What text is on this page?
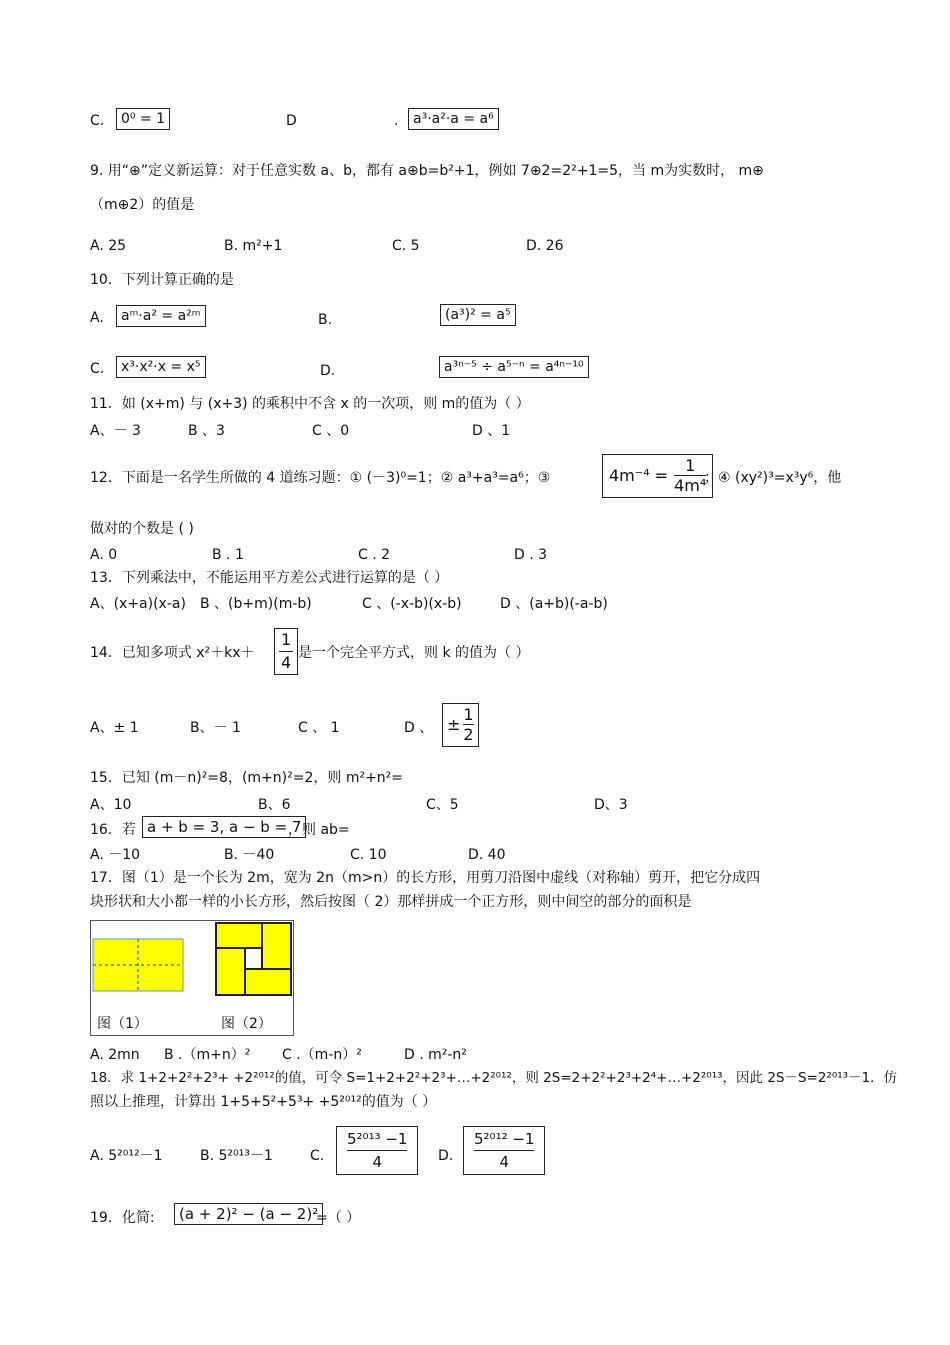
C.	0⁰ = 1	D	.	a³·a²·a = a⁶
9. 用“⊕”定义新运算：对于任意实数 a、b，都有 a⊕b=b²+1，例如 7⊕2=2²+1=5，当 m为实数时， m⊕
（m⊕2）的值是
A. 25	B. m²+1	C. 5	D. 26
10．下列计算正确的是
A.	aᵐ·a² = a²ᵐ	B.	(a³)² = a⁵
C.	x³·x²·x = x⁵	D.	a³ⁿ⁻⁵ ÷ a⁵⁻ⁿ = a⁴ⁿ⁻¹⁰
11．如 (x+m) 与 (x+3) 的乘积中不含 x 的一次项，则 m的值为（ ）
A、－ 3	B 、3	C 、0	D 、1
12．下面是一名学生所做的 4 道练习题：① (－3)⁰=1；② a³+a³=a⁶；③	$4m^{-4} = \frac{1}{\text{4m⁴}}$
；④ (xy²)³=x³y⁶，他
做对的个数是 ( )
A. 0	B . 1	C . 2	D . 3
13．下列乘法中，不能运用平方差公式进行运算的是（ ）
A、(x+a)(x-a) B 、(b+m)(m-b)	C 、(-x-b)(x-b)	D 、(a+b)(-a-b)
14．已知多项式 $x^2+kx+ \frac{1}{4}$ 是一个完全平方式，则 k 的值为（ ）
A、± 1	B、－ 1	C 、 1	D 、 ± $\frac{1}{2}$
15．已知 (m－n)²=8，(m+n)²=2，则 m²+n²=
A、10	B、6	C、5	D、3
16．若 a + b = 3, a − b = 7
，则 ab=
A. －10	B. －40	C. 10	D. 40
17．图（1）是一个长为 2m，宽为 2n（m>n）的长方形，用剪刀沿图中虚线（对称轴）剪开，把它分成四
块形状和大小都一样的小长方形，然后按图（ 2）那样拼成一个正方形，则中间空的部分的面积是
图（1）	图（2）
A. 2mn B .（m+n）² C .（m-n）²	D . m²-n²
18．求 1+2+2²+2³+ +2²⁰¹²的值，可令 S=1+2+2²+2³+…+2²⁰¹²，则 2S=2+2²+2³+2⁴+…+2²⁰¹³，因此 2S－S=2²⁰¹³－1．仿
照以上推理，计算出 1+5+5²+5³+ +5²⁰¹²的值为（ ）
A. 5²⁰¹²－1	B. 5²⁰¹³－1	C. $\frac{\text{5²⁰¹³ −1}}{4} D$. $\frac{\text{5²⁰¹² −1}}{4}$
19．化简:	(a + 2)² − (a − 2)²
=（ ）
